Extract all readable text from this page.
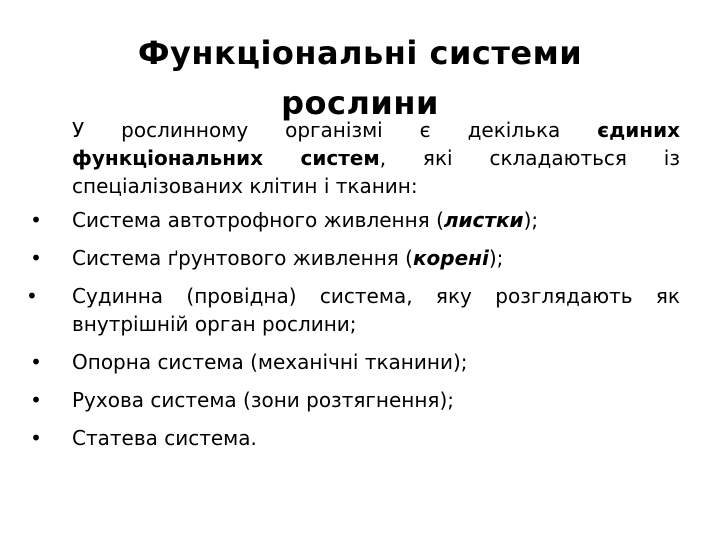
Функціональні системи
рослини

У рослинному організмі є декілька єдиних функціональних систем, які складаються із спеціалізованих клітин і тканин:

• Система автотрофного живлення (листки);
• Система ґрунтового живлення (корені);
•	Судинна (провідна) система, яку розглядають як внутрішній орган рослини;
• Опорна система (механічні тканини);
• Рухова система (зони розтягнення);
• Статева система.
